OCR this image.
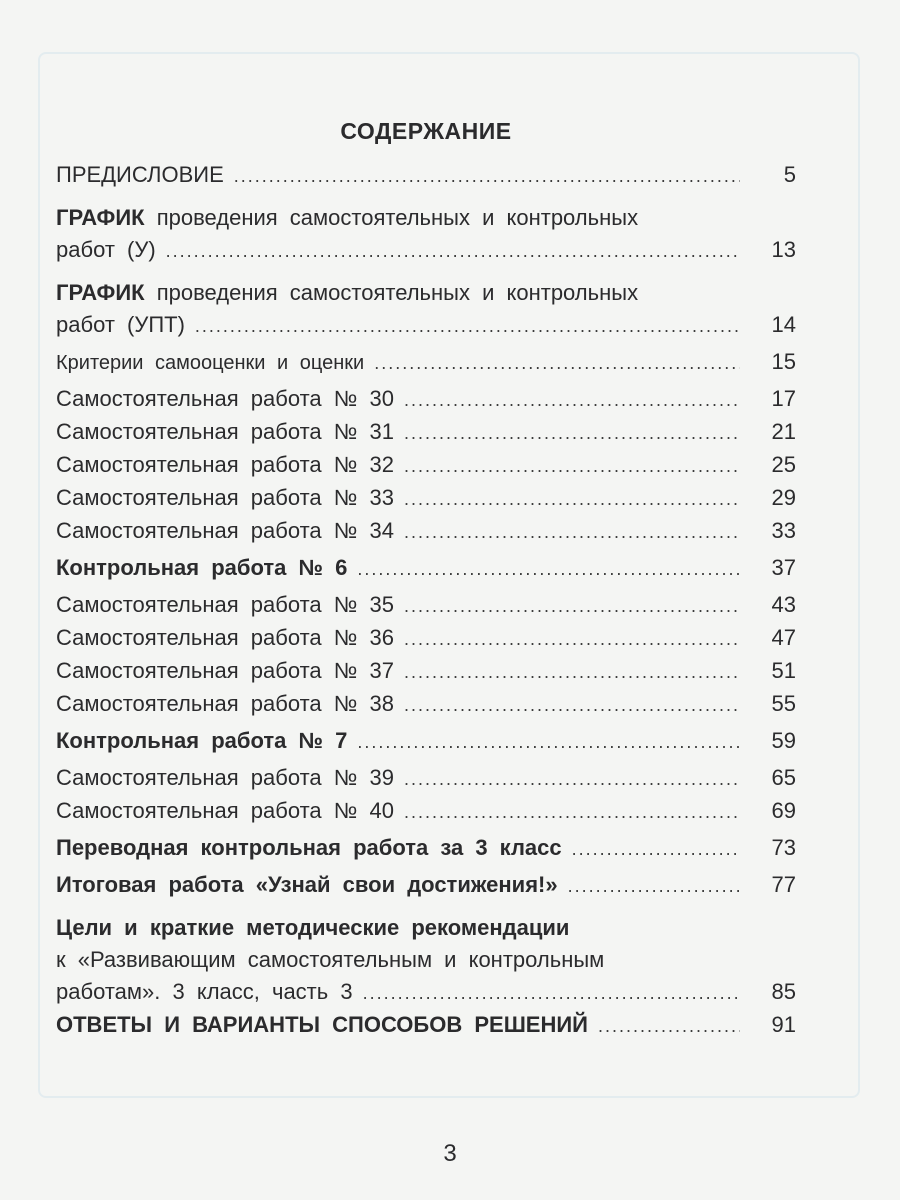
СОДЕРЖАНИЕ
ПРЕДИСЛОВИЕ .....	5
ГРАФИК проведения самостоятельных и контрольных
работ (У) .....	13
ГРАФИК проведения самостоятельных и контрольных
работ (УПТ) .....	14
Критерии самооценки и оценки .....	15
Самостоятельная работа № 30 .....	17
Самостоятельная работа № 31 .....	21
Самостоятельная работа № 32 .....	25
Самостоятельная работа № 33 .....	29
Самостоятельная работа № 34 .....	33
Контрольная работа № 6 .....	37
Самостоятельная работа № 35 .....	43
Самостоятельная работа № 36 .....	47
Самостоятельная работа № 37 .....	51
Самостоятельная работа № 38 .....	55
Контрольная работа № 7 .....	59
Самостоятельная работа № 39 .....	65
Самостоятельная работа № 40 .....	69
Переводная контрольная работа за 3 класс .....	73
Итоговая работа «Узнай свои достижения!» .....	77
Цели и краткие методические рекомендации
к «Развивающим самостоятельным и контрольным
работам». 3 класс, часть 3 .....	85
ОТВЕТЫ И ВАРИАНТЫ СПОСОБОВ РЕШЕНИЙ .....	91
3
